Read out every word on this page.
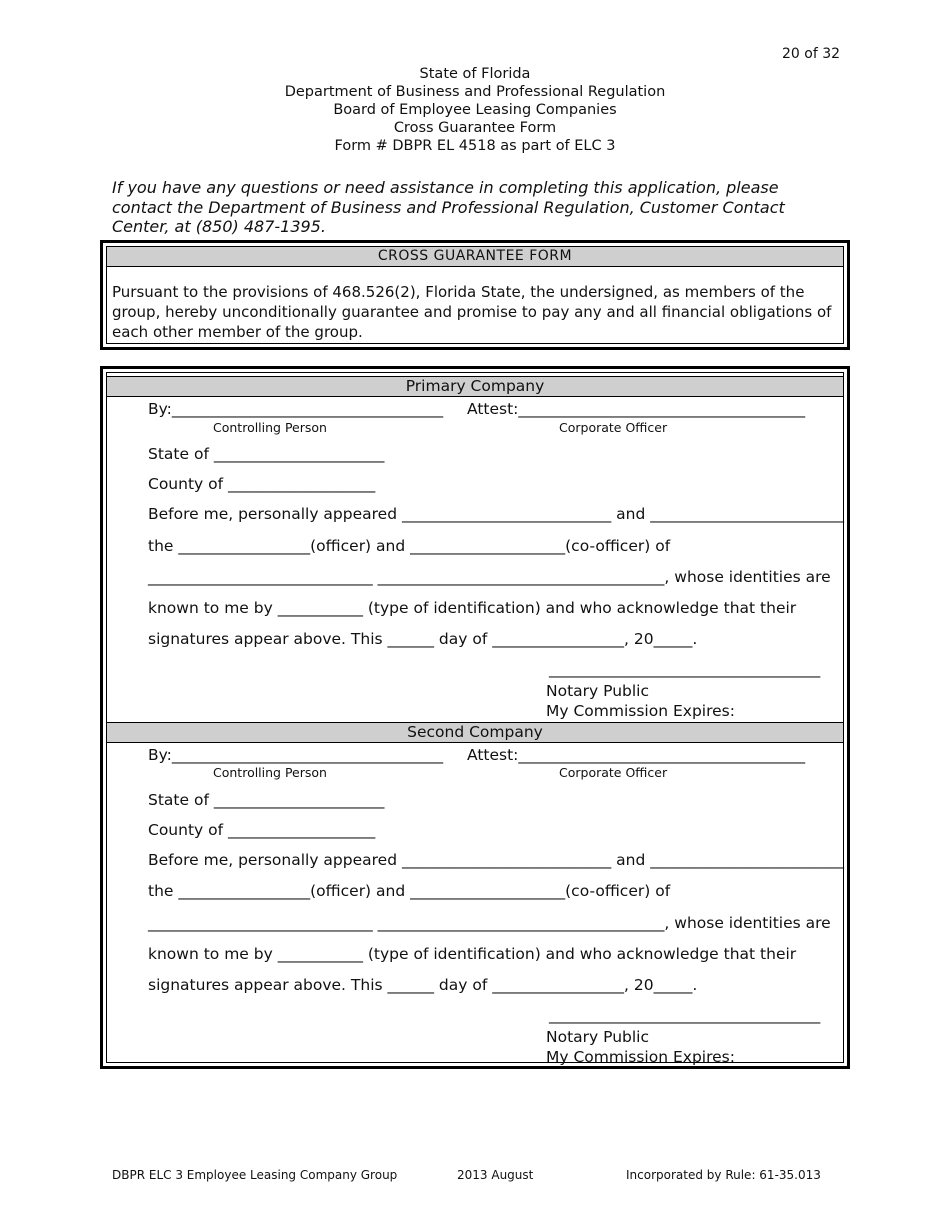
20 of 32
State of Florida
Department of Business and Professional Regulation
Board of Employee Leasing Companies
Cross Guarantee Form
Form # DBPR EL 4518 as part of ELC 3
If you have any questions or need assistance in completing this application, please contact the Department of Business and Professional Regulation, Customer Contact Center, at (850) 487-1395.
CROSS GUARANTEE FORM
Pursuant to the provisions of 468.526(2), Florida State, the undersigned, as members of the group, hereby unconditionally guarantee and promise to pay any and all financial obligations of each other member of the group.
Primary Company
By:___________________________________ Attest:_____________________________________
Controlling Person	Corporate Officer
State of ______________________
County of ___________________
Before me, personally appeared ___________________________ and _________________________
the _________________(officer) and ____________________(co-officer) of
_____________________________ _____________________________________, whose identities are
known to me by ___________ (type of identification) and who acknowledge that their
signatures appear above. This ______ day of _________________, 20_____.
___________________________________
Notary Public
My Commission Expires:
Second Company
By:___________________________________ Attest:_____________________________________
Controlling Person	Corporate Officer
State of ______________________
County of ___________________
Before me, personally appeared ___________________________ and _________________________
the _________________(officer) and ____________________(co-officer) of
_____________________________ _____________________________________, whose identities are
known to me by ___________ (type of identification) and who acknowledge that their
signatures appear above. This ______ day of _________________, 20_____.
___________________________________
Notary Public
My Commission Expires:
DBPR ELC 3 Employee Leasing Company Group	2013 August	Incorporated by Rule: 61-35.013
